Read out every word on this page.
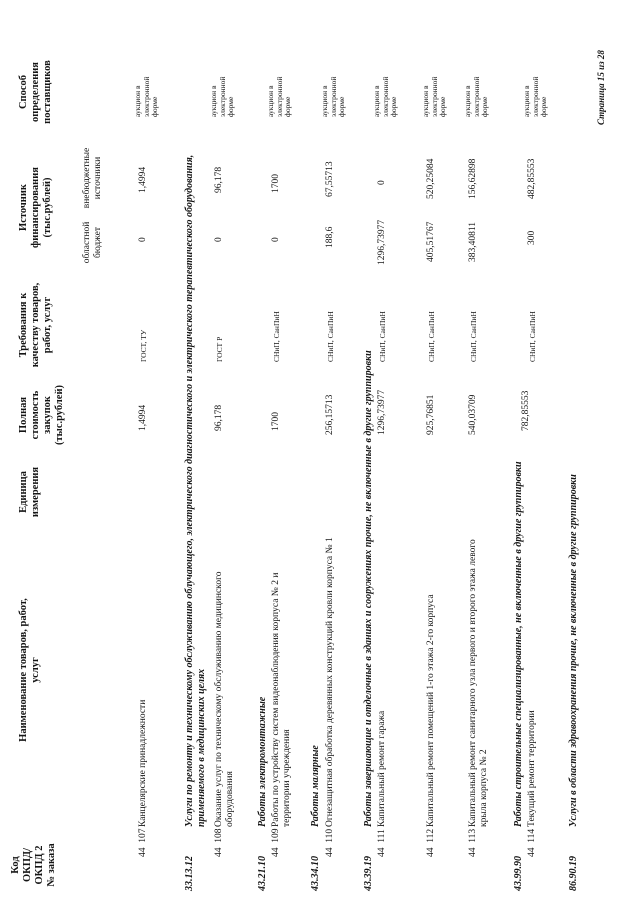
Код ОКПД/ ОКПД 2 № заказа
Наименование товаров, работ, услуг
Единица измерения
Полная стоимость закупок (тыс.рублей)
Требования к качеству товаров, работ, услуг
Источник финансирования (тыс.рублей)
областной бюджет
внебюджетные источники
Способ определения поставщиков
44  107
Канцелярские принадлежности
1,4994
ГОСТ, ТУ
0
1,4994
аукцион в электронной форме
33.13.12
Услуги по ремонту и техническому обслуживанию облучающего, электрического диагностического и электрического терапевтического оборудования, применяемого в медицинских целях
44  108
Оказание услуг по техническому обслуживанию медицинского оборудования
96,178
ГОСТ Р
0
96,178
аукцион в электронной форме
43.21.10
Работы электромонтажные
44  109
Работы по устройству систем видеонаблюдения корпуса № 2 и территории учреждения
1700
СНиП, СанПиН
0
1700
аукцион в электронной форме
43.34.10
Работы малярные
44  110
Огнезащитная обработка деревянных конструкций кровли корпуса № 1
256,15713
СНиП, СанПиН
188,6
67,55713
аукцион в электронной форме
43.39.19
Работы завершающие и отделочные в зданиях и сооружениях прочие, не включенные в другие группировки
44  111
Капитальный ремонт гаража
1296,73977
СНиП, СанПиН
1296,73977
0
аукцион в электронной форме
44  112
Капитальный ремонт помещений 1-го этажа 2-го корпуса
925,76851
СНиП, СанПиН
405,51767
520,25084
аукцион в электронной форме
44  113
Капитальный ремонт санитарного узла первого и второго этажа левого крыла корпуса № 2
540,03709
СНиП, СанПиН
383,40811
156,62898
аукцион в электронной форме
43.99.90
Работы строительные специализированные, не включенные в другие группировки
44  114
Текущий ремонт территории
782,85553
СНиП, СанПиН
300
482,85553
аукцион в электронной форме
86.90.19
Услуги в области здравоохранения прочие, не включенные в другие группировки
Страница 15 из 28
